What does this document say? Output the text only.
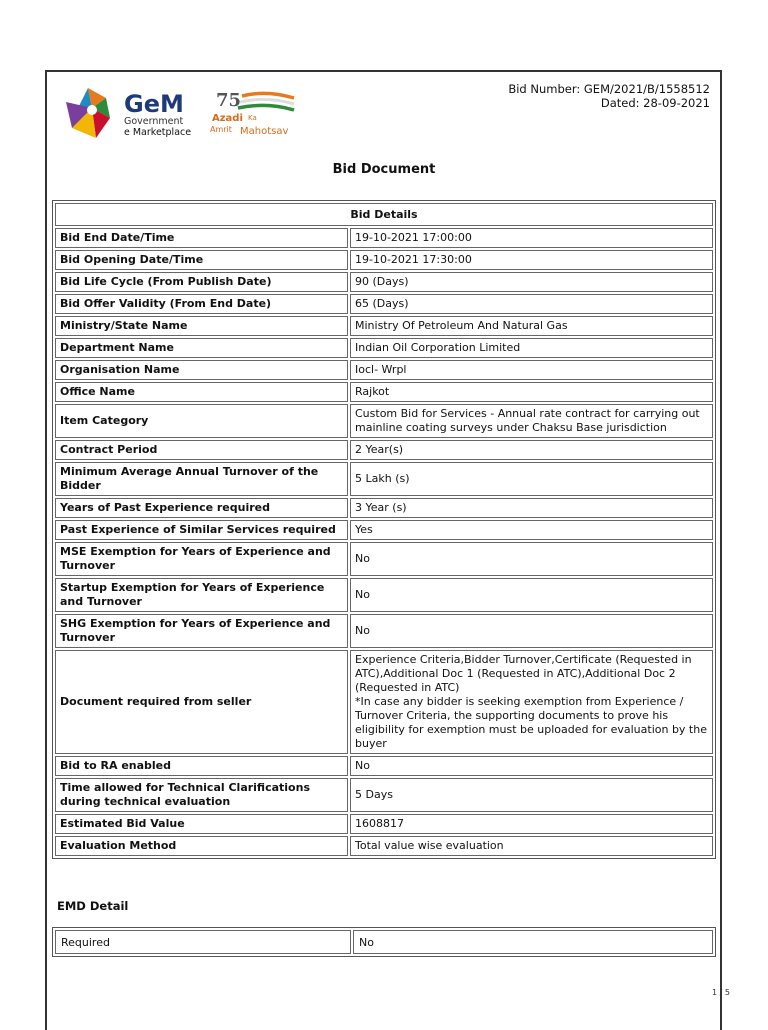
GeM
Government
e Marketplace
75
Azadi Ka
Amrit Mahotsav
Bid Number: GEM/2021/B/1558512
Dated: 28-09-2021
Bid Document
Bid Details	
Bid End Date/Time	19-10-2021 17:00:00
Bid Opening Date/Time	19-10-2021 17:30:00
Bid Life Cycle (From Publish Date)	90 (Days)
Bid Offer Validity (From End Date)	65 (Days)
Ministry/State Name	Ministry Of Petroleum And Natural Gas
Department Name	Indian Oil Corporation Limited
Organisation Name	Iocl- Wrpl
Office Name	Rajkot
Item Category	Custom Bid for Services - Annual rate contract for carrying out mainline coating surveys under Chaksu Base jurisdiction
Contract Period	2 Year(s)
Minimum Average Annual Turnover of the Bidder	5 Lakh (s)
Years of Past Experience required	3 Year (s)
Past Experience of Similar Services required	Yes
MSE Exemption for Years of Experience and Turnover	No
Startup Exemption for Years of Experience and Turnover	No
SHG Exemption for Years of Experience and Turnover	No
Document required from seller	Experience Criteria,Bidder Turnover,Certificate (Requested in ATC),Additional Doc 1 (Requested in ATC),Additional Doc 2 (Requested in ATC)
*In case any bidder is seeking exemption from Experience / Turnover Criteria, the supporting documents to prove his eligibility for exemption must be uploaded for evaluation by the buyer
Bid to RA enabled	No
Time allowed for Technical Clarifications during technical evaluation	5 Days
Estimated Bid Value	1608817
Evaluation Method	Total value wise evaluation
EMD Detail
Required	No
1 / 5
